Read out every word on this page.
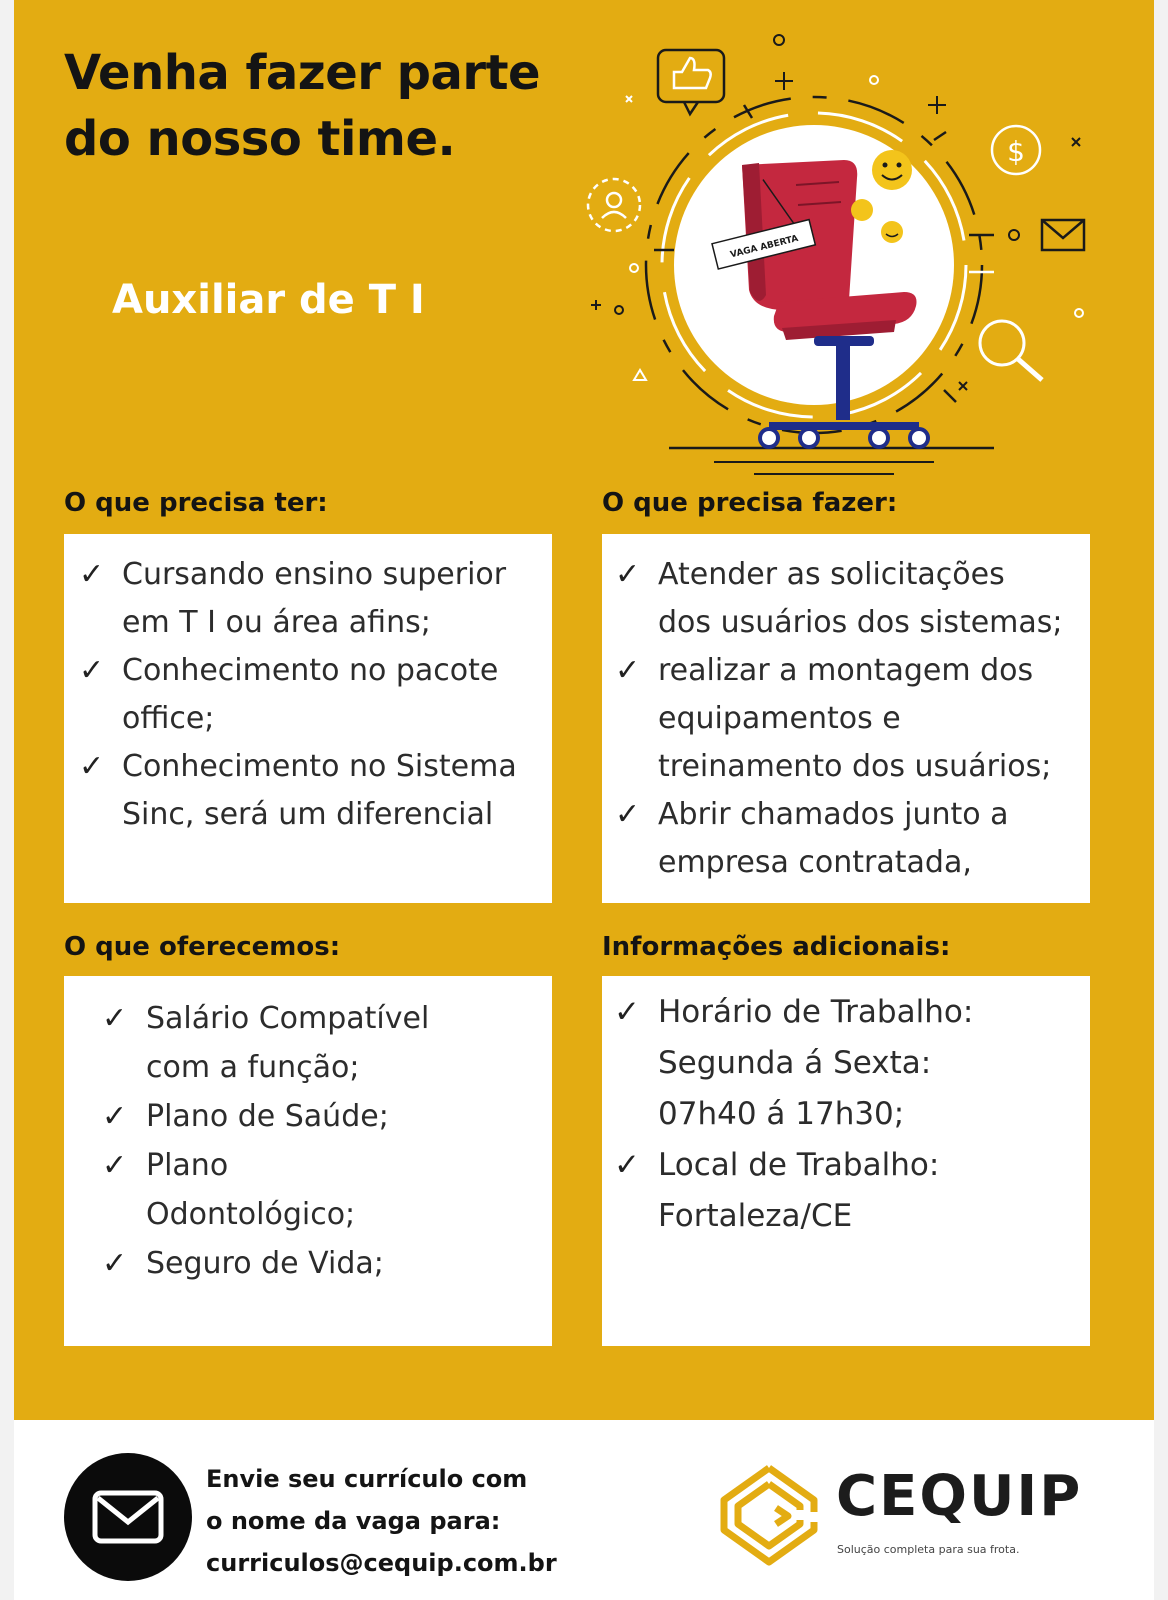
Venha fazer parte
do nosso time.
Auxiliar de T I
VAGA ABERTA
$
O que precisa ter:
✓ Cursando ensino superior
em T I ou área afins;
✓ Conhecimento no pacote
office;
✓ Conhecimento no Sistema
Sinc, será um diferencial
O que precisa fazer:
✓ Atender as solicitações
dos usuários dos sistemas;
✓ realizar a montagem dos
equipamentos e
treinamento dos usuários;
✓ Abrir chamados junto a
empresa contratada,
O que oferecemos:
✓ Salário Compatível
com a função;
✓ Plano de Saúde;
✓ Plano
Odontológico;
✓ Seguro de Vida;
Informações adicionais:
✓ Horário de Trabalho:
Segunda á Sexta:
07h40 á 17h30;
✓ Local de Trabalho:
Fortaleza/CE
Envie seu currículo com
o nome da vaga para:
curriculos@cequip.com.br
CEQUIP
Solução completa para sua frota.
